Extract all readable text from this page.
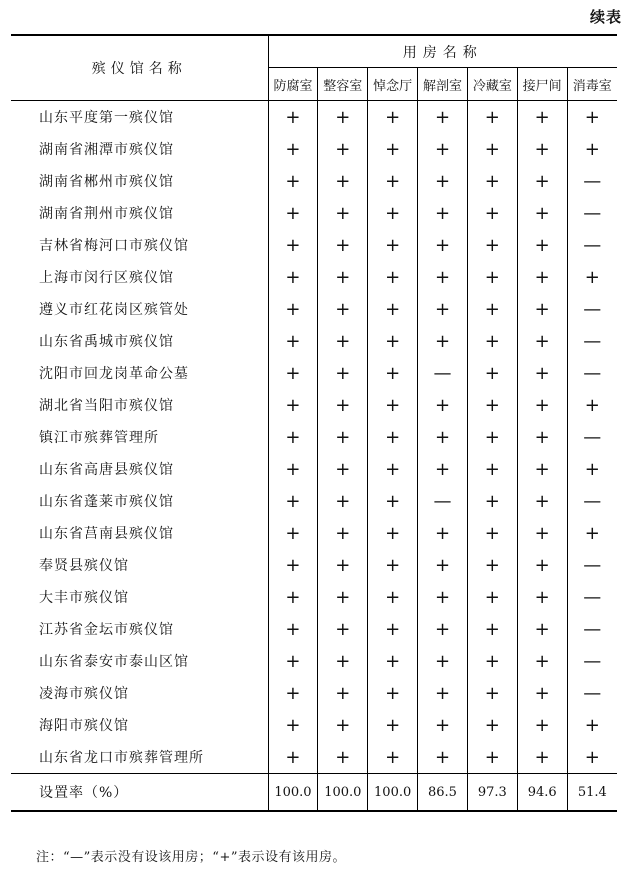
续表
殡仪馆名称	用房名称						
	防腐室	整容室	悼念厅	解剖室	冷藏室	接尸间	消毒室
山东平度第一殡仪馆	+	+	+	+	+	+	+
湖南省湘潭市殡仪馆	+	+	+	+	+	+	+
湖南省郴州市殡仪馆	+	+	+	+	+	+	—
湖南省荆州市殡仪馆	+	+	+	+	+	+	—
吉林省梅河口市殡仪馆	+	+	+	+	+	+	—
上海市闵行区殡仪馆	+	+	+	+	+	+	+
遵义市红花岗区殡管处	+	+	+	+	+	+	—
山东省禹城市殡仪馆	+	+	+	+	+	+	—
沈阳市回龙岗革命公墓	+	+	+	—	+	+	—
湖北省当阳市殡仪馆	+	+	+	+	+	+	+
镇江市殡葬管理所	+	+	+	+	+	+	—
山东省高唐县殡仪馆	+	+	+	+	+	+	+
山东省蓬莱市殡仪馆	+	+	+	—	+	+	—
山东省莒南县殡仪馆	+	+	+	+	+	+	+
奉贤县殡仪馆	+	+	+	+	+	+	—
大丰市殡仪馆	+	+	+	+	+	+	—
江苏省金坛市殡仪馆	+	+	+	+	+	+	—
山东省泰安市泰山区馆	+	+	+	+	+	+	—
凌海市殡仪馆	+	+	+	+	+	+	—
海阳市殡仪馆	+	+	+	+	+	+	+
山东省龙口市殡葬管理所	+	+	+	+	+	+	+
设置率（%）	100.0	100.0	100.0	86.5	97.3	94.6	51.4
注：“—”表示没有设该用房；“+”表示设有该用房。
